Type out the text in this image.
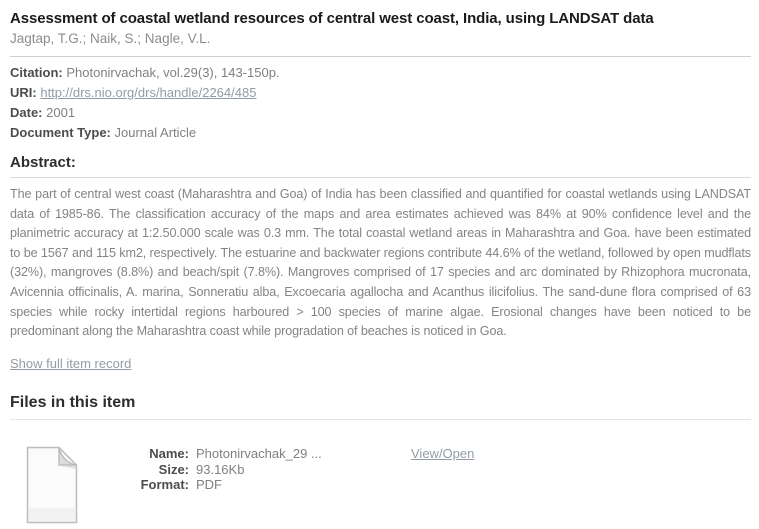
Assessment of coastal wetland resources of central west coast, India, using LANDSAT data
Jagtap, T.G.; Naik, S.; Nagle, V.L.
Citation: Photonirvachak, vol.29(3), 143-150p.
URI: http://drs.nio.org/drs/handle/2264/485
Date: 2001
Document Type: Journal Article
Abstract:

The part of central west coast (Maharashtra and Goa) of India has been classified and quantified for coastal wetlands using LANDSAT data of 1985-86. The classification accuracy of the maps and area estimates achieved was 84% at 90% confidence level and the planimetric accuracy at 1:2.50.000 scale was 0.3 mm. The total coastal wetland areas in Maharashtra and Goa. have been estimated to be 1567 and 115 km2, respectively. The estuarine and backwater regions contribute 44.6% of the wetland, followed by open mudflats (32%), mangroves (8.8%) and beach/spit (7.8%). Mangroves comprised of 17 species and arc dominated by Rhizophora mucronata, Avicennia officinalis, A. marina, Sonneratiu alba, Excoecaria agallocha and Acanthus ilicifolius. The sand-dune flora comprised of 63 species while rocky intertidal regions harboured > 100 species of marine algae. Erosional changes have been noticed to be predominant along the Maharashtra coast while progradation of beaches is noticed in Goa.

Show full item record
Files in this item
Name: Photonirvachak_29 ...
Size: 93.16Kb
Format: PDF
View/Open
